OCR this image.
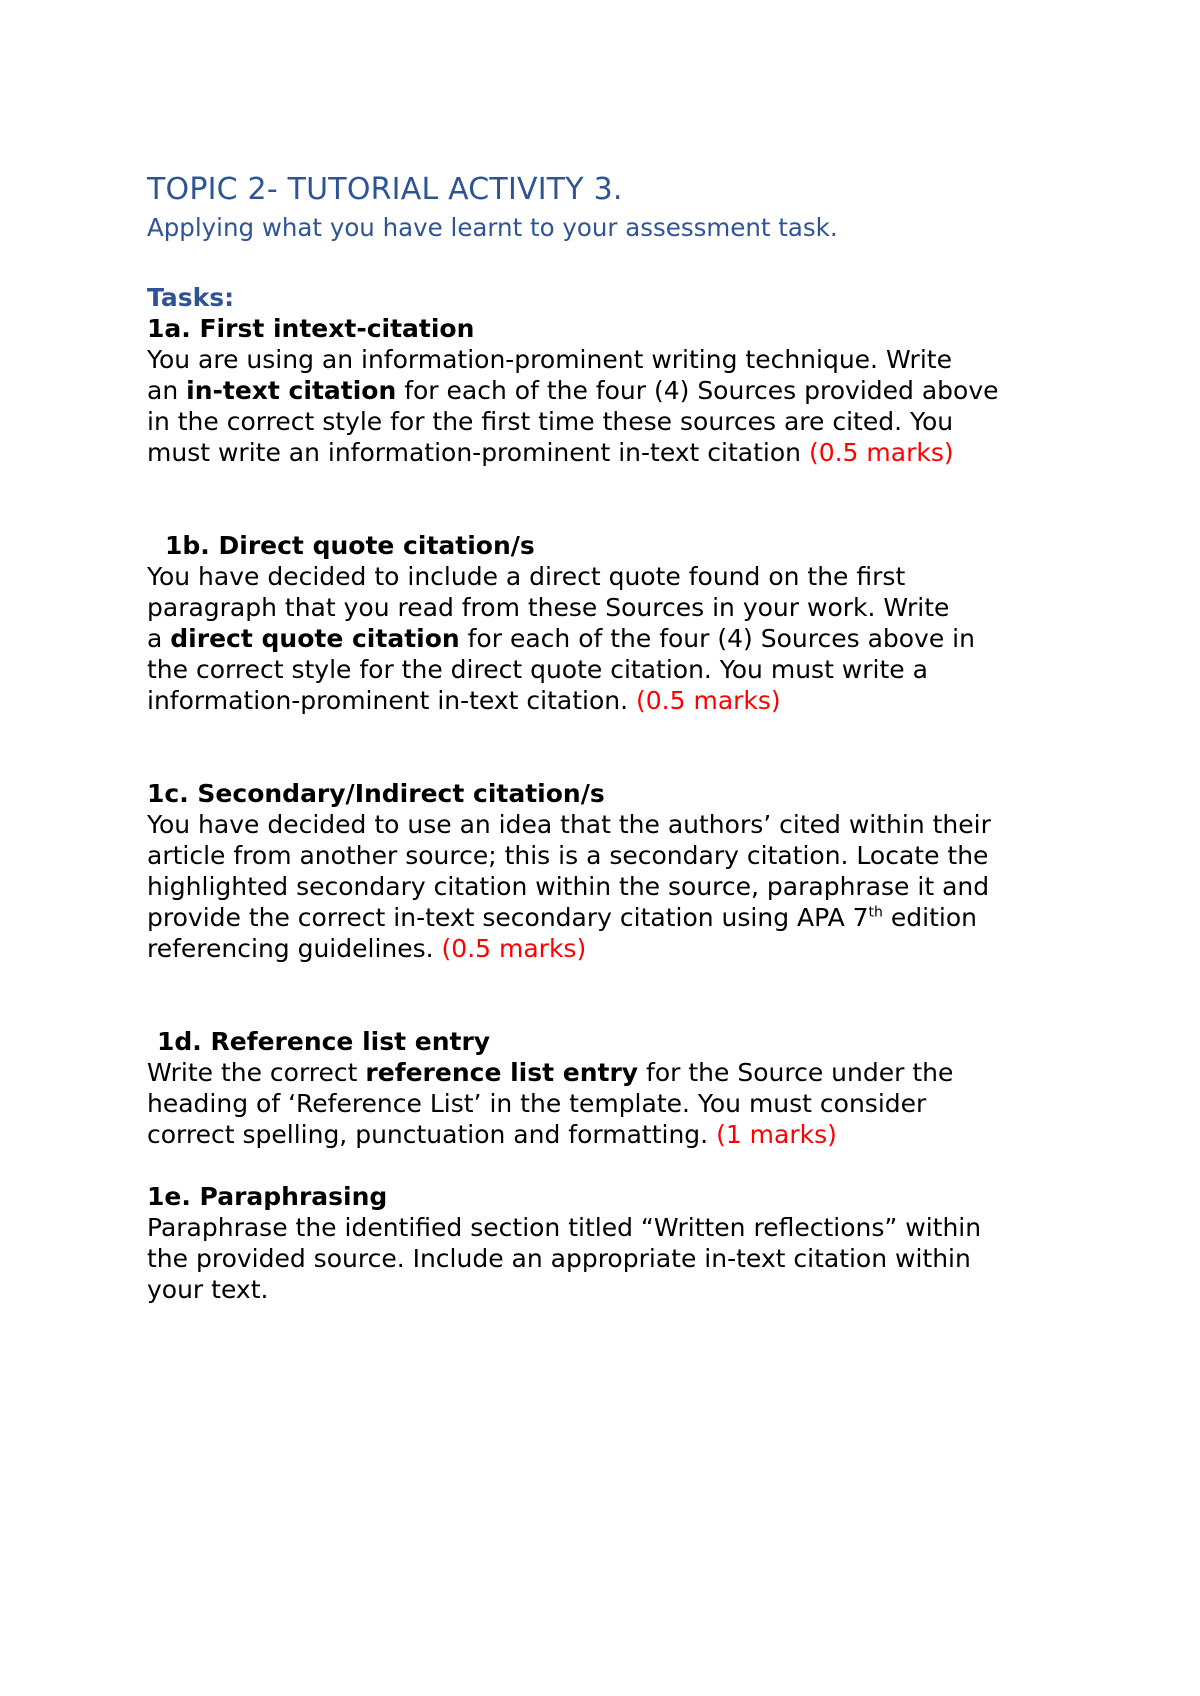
TOPIC 2- TUTORIAL ACTIVITY 3.

Applying what you have learnt to your assessment task.

Tasks:

1a. First intext-citation

You are using an information-prominent writing technique. Write
an in-text citation for each of the four (4) Sources provided above
in the correct style for the first time these sources are cited. You
must write an information-prominent in-text citation (0.5 marks)

1b. Direct quote citation/s

You have decided to include a direct quote found on the first
paragraph that you read from these Sources in your work. Write
a direct quote citation for each of the four (4) Sources above in
the correct style for the direct quote citation. You must write a
information-prominent in-text citation. (0.5 marks)

1c. Secondary/Indirect citation/s

You have decided to use an idea that the authors’ cited within their
article from another source; this is a secondary citation. Locate the
highlighted secondary citation within the source, paraphrase it and
provide the correct in-text secondary citation using APA 7th edition
referencing guidelines. (0.5 marks)

1d. Reference list entry

Write the correct reference list entry for the Source under the
heading of ‘Reference List’ in the template. You must consider
correct spelling, punctuation and formatting. (1 marks)

1e. Paraphrasing

Paraphrase the identified section titled “Written reflections” within
the provided source. Include an appropriate in-text citation within
your text.
